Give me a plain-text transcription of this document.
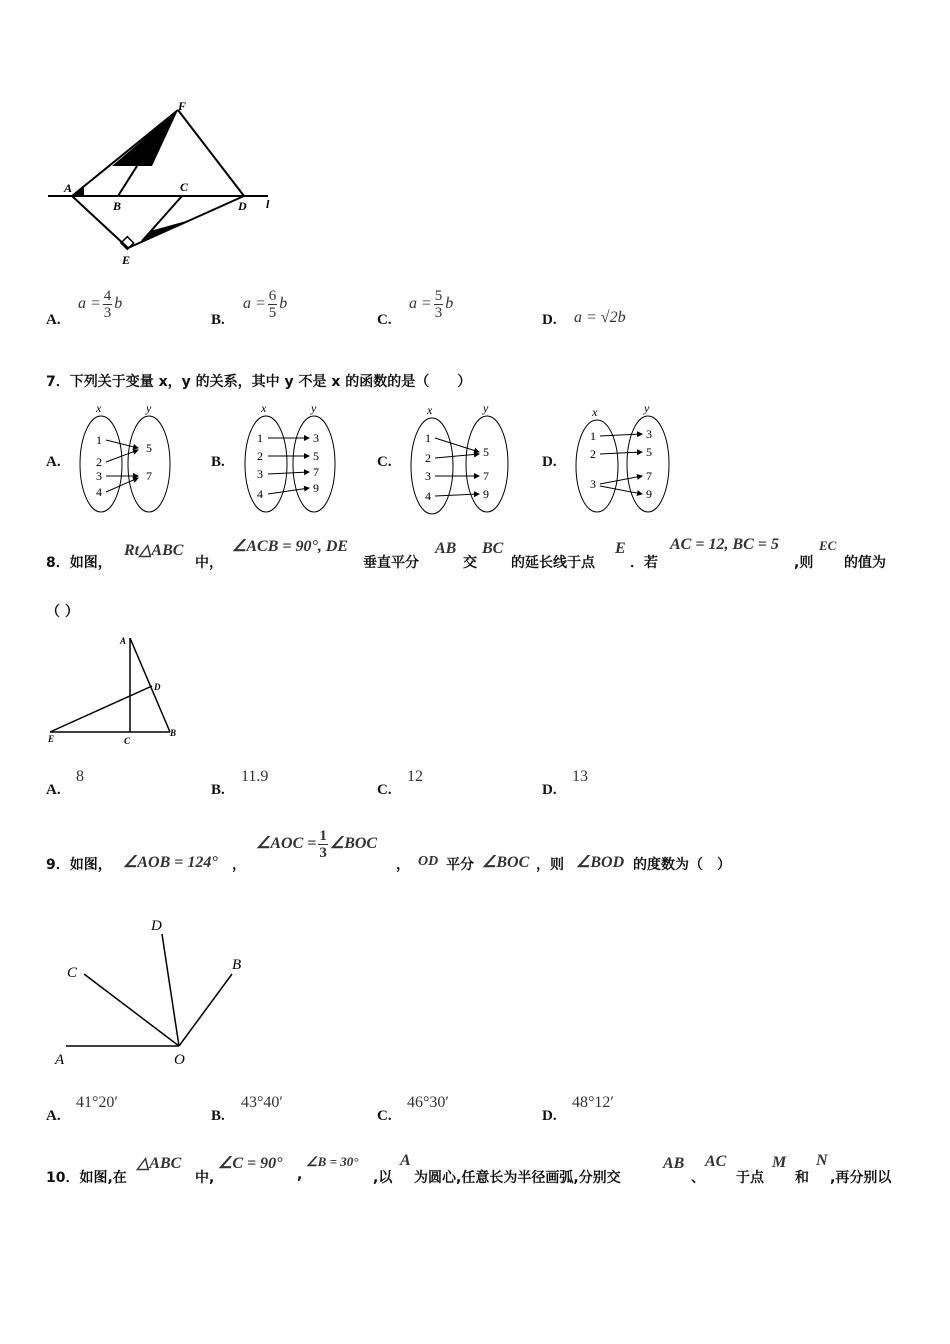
F
A
B
C
D l
E
A.
$a = \frac{4}{3}$ b
B.
$a = \frac{6}{5}$ b
C.
$a = \frac{5}{3}$ b
D. a = √2b
7．下列关于变量 x，y 的关系，其中 y 不是 x 的函数的是（　　）
A.
x	y
1
2
3
4
5
7
B.
x	y
1
2
3
4
3
5
7
9
C.
x	y
1
2
3
4
5
7
9
D.
x	y
1
2
3
3
5
7
9
8．如图，
Rt△ABC
中，
∠ACB = 90°, DE
垂直平分
AB
交
BC
的延长线于点
E
．若
AC = 12, BC = 5
,则
EC
的值为
（ ）
A
D
E	C
B
A.
8
B.
11.9
C.
12
D.
13
9．如图， ∠AOB = 124° ，
∠AOC = $\frac{1}{3}$ ∠BOC
， OD 平分 ∠BOC ，则 ∠BOD 的度数为（　）
D
C	B
A	O
A.
41°20′
B.
43°40′
C.
46°30′
D.
48°12′
10．如图,在
△ABC
中,
∠C = 90°
,
∠B = 30°
,以
A
为圆心,任意长为半径画弧,分别交
AB
、
AC
于点
M
和
N
,再分别以
